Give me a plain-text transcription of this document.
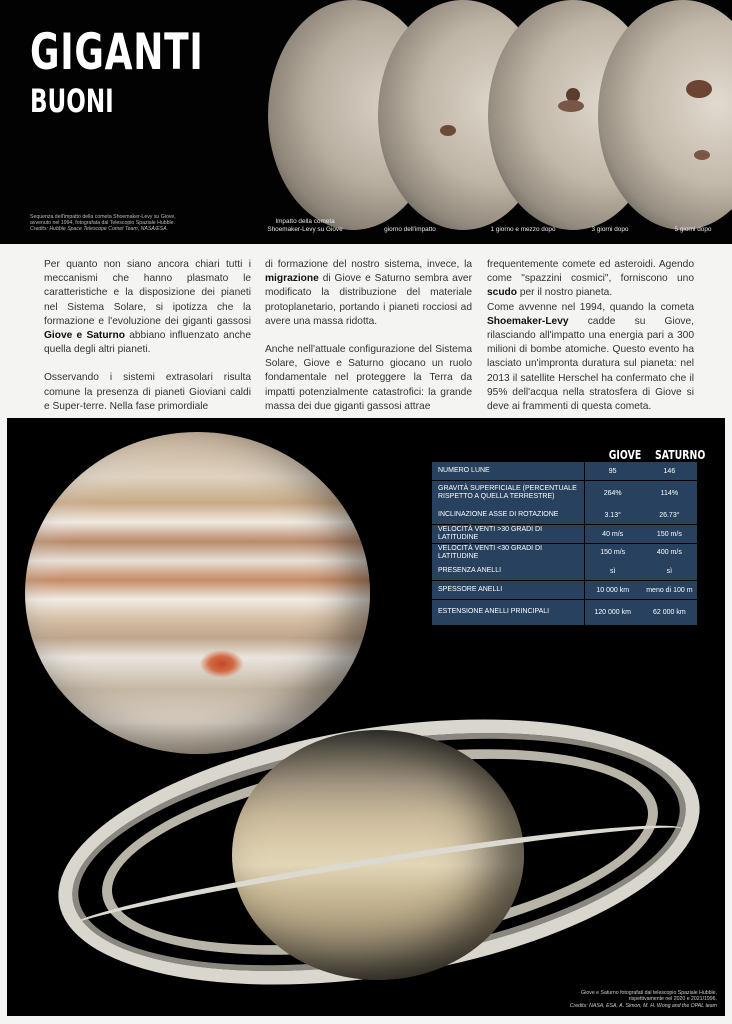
GIGANTI
BUONI
Sequenza dell'impatto della cometa Shoemaker-Levy su Giove, avvenuto nel 1994, fotografata dal Telescopio Spaziale Hubble.
Credits: Hubble Space Telescope Comet Team, NASA/ESA.
Impatto della cometa
Shoemaker-Levy su Giove	giorno dell'impatto	1 giorno e mezzo dopo	3 giorni dopo	5 giorni dopo

Per quanto non siano ancora chiari tutti i meccanismi che hanno plasmato le caratteristiche e la disposizione dei pianeti nel Sistema Solare, si ipotizza che la formazione e l'evoluzione dei giganti gassosi Giove e Saturno abbiano influenzato anche quella degli altri pianeti.

Osservando i sistemi extrasolari risulta comune la presenza di pianeti Gioviani caldi e Super-terre. Nella fase primordiale

di formazione del nostro sistema, invece, la migrazione di Giove e Saturno sembra aver modificato la distribuzione del materiale protoplanetario, portando i pianeti rocciosi ad avere una massa ridotta.

Anche nell'attuale configurazione del Sistema Solare, Giove e Saturno giocano un ruolo fondamentale nel proteggere la Terra da impatti potenzialmente catastrofici: la grande massa dei due giganti gassosi attrae

frequentemente comete ed asteroidi. Agendo come "spazzini cosmici", forniscono uno scudo per il nostro pianeta.

Come avvenne nel 1994, quando la cometa Shoemaker-Levy cadde su Giove, rilasciando all'impatto una energia pari a 300 milioni di bombe atomiche. Questo evento ha lasciato un'impronta duratura sul pianeta: nel 2013 il satellite Herschel ha confermato che il 95% dell'acqua nella stratosfera di Giove si deve ai frammenti di questa cometa.

GIOVE	SATURNO
NUMERO LUNE	95	146
GRAVITÀ SUPERFICIALE (PERCENTUALE RISPETTO A QUELLA TERRESTRE)	264%	114%
INCLINAZIONE ASSE DI ROTAZIONE	3.13°	26.73°
VELOCITÀ VENTI >30 GRADI DI LATITUDINE	40 m/s	150 m/s
VELOCITÀ VENTI <30 GRADI DI LATITUDINE	150 m/s	400 m/s
PRESENZA ANELLI	sì	sì
SPESSORE ANELLI	10 000 km	meno di 100 m
ESTENSIONE ANELLI PRINCIPALI	120 000 km	62 000 km
Giove e Saturno fotografati dal telescopio Spaziale Hubble, rispettivamente nel 2020 e 2021/1996.
Credits: NASA, ESA, A. Simon, M. H. Wong and the OPAL team
